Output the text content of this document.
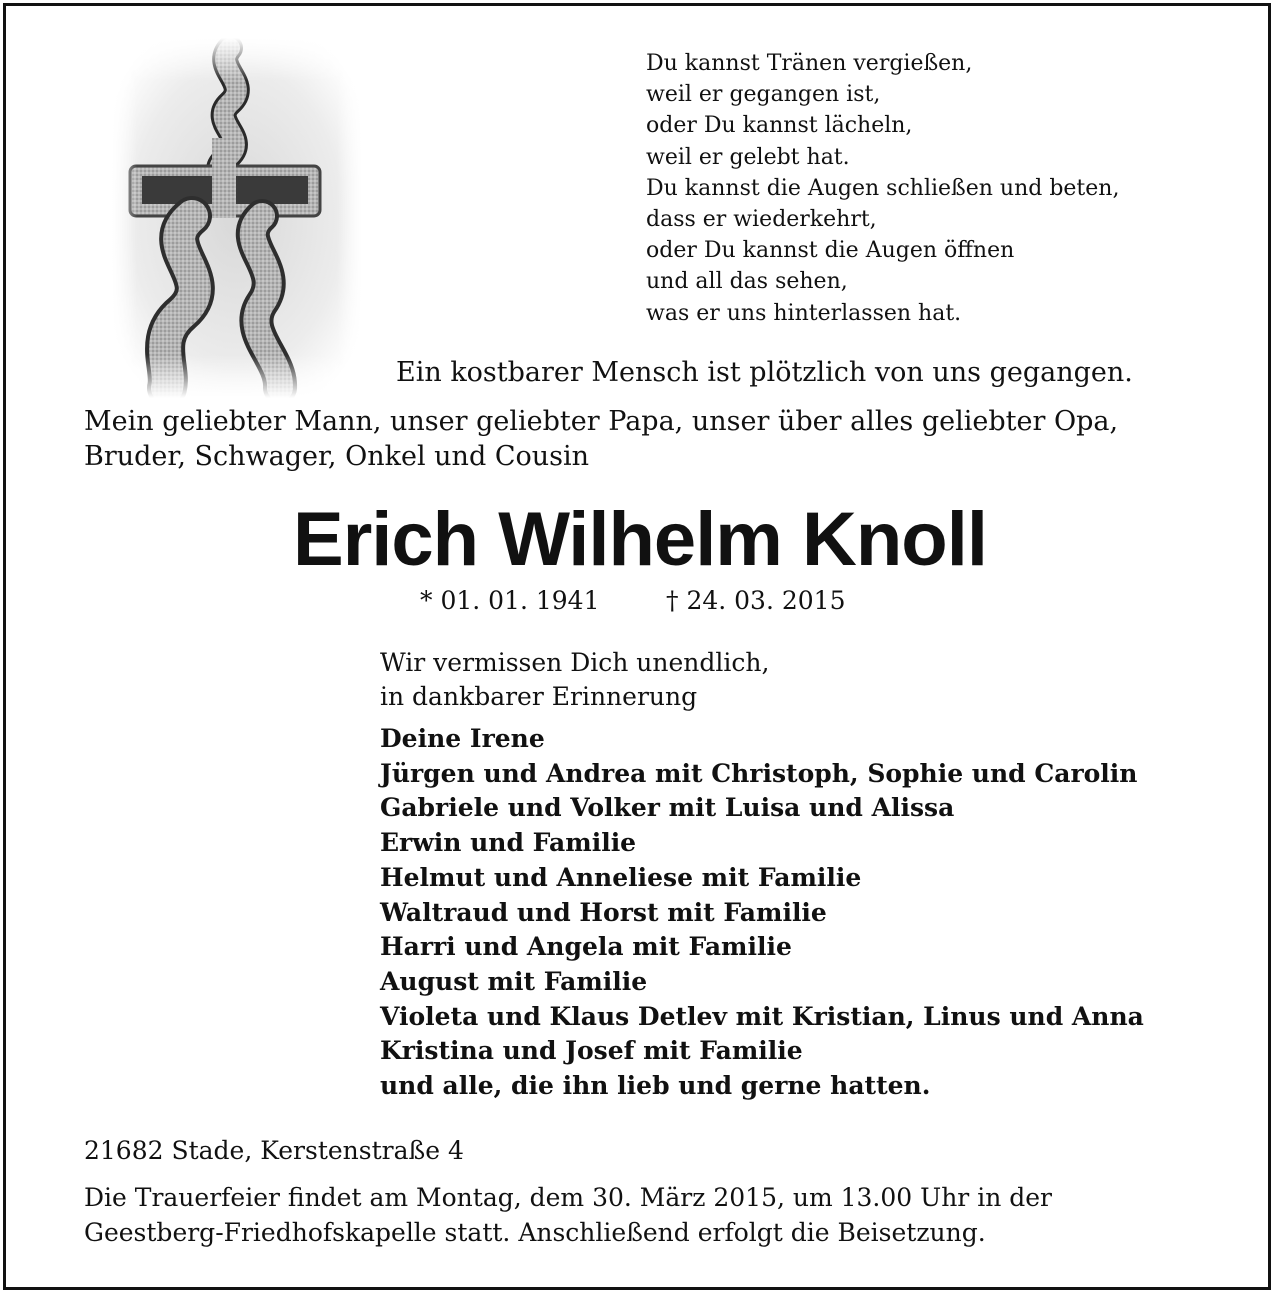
Du kannst Tränen vergießen,
weil er gegangen ist,
oder Du kannst lächeln,
weil er gelebt hat.
Du kannst die Augen schließen und beten,
dass er wiederkehrt,
oder Du kannst die Augen öffnen
und all das sehen,
was er uns hinterlassen hat.
Ein kostbarer Mensch ist plötzlich von uns gegangen.
Mein geliebter Mann, unser geliebter Papa, unser über alles geliebter Opa,
Bruder, Schwager, Onkel und Cousin
Erich Wilhelm Knoll
* 01. 01. 1941	† 24. 03. 2015
Wir vermissen Dich unendlich,
in dankbarer Erinnerung
Deine Irene
Jürgen und Andrea mit Christoph, Sophie und Carolin
Gabriele und Volker mit Luisa und Alissa
Erwin und Familie
Helmut und Anneliese mit Familie
Waltraud und Horst mit Familie
Harri und Angela mit Familie
August mit Familie
Violeta und Klaus Detlev mit Kristian, Linus und Anna
Kristina und Josef mit Familie
und alle, die ihn lieb und gerne hatten.
21682 Stade, Kerstenstraße 4
Die Trauerfeier findet am Montag, dem 30. März 2015, um 13.00 Uhr in der
Geestberg-Friedhofskapelle statt. Anschließend erfolgt die Beisetzung.
